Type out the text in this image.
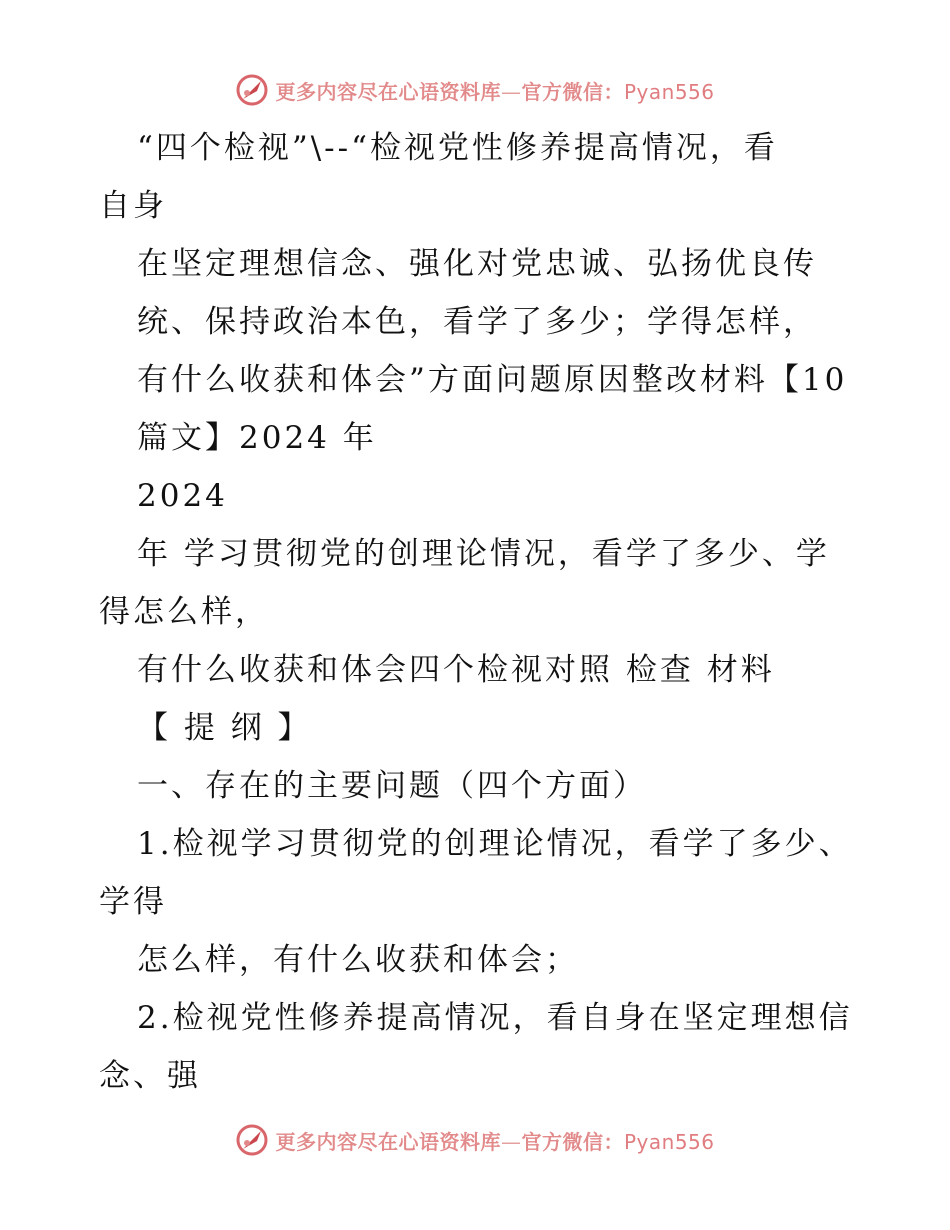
更多内容尽在心语资料库—官方微信：Pyan556
“四个检视”\--“检视党性修养提高情况，看
自身
在坚定理想信念、强化对党忠诚、弘扬优良传
统、保持政治本色，看学了多少；学得怎样，
有什么收获和体会”方面问题原因整改材料【10
篇文】2024 年
2024
年 学习贯彻党的创理论情况，看学了多少、学
得怎么样，
有什么收获和体会四个检视对照 检查 材料
【 提 纲 】
一、存在的主要问题（四个方面）
1.检视学习贯彻党的创理论情况，看学了多少、
学得
怎么样，有什么收获和体会；
2.检视党性修养提高情况，看自身在坚定理想信
念、强
更多内容尽在心语资料库—官方微信：Pyan556
